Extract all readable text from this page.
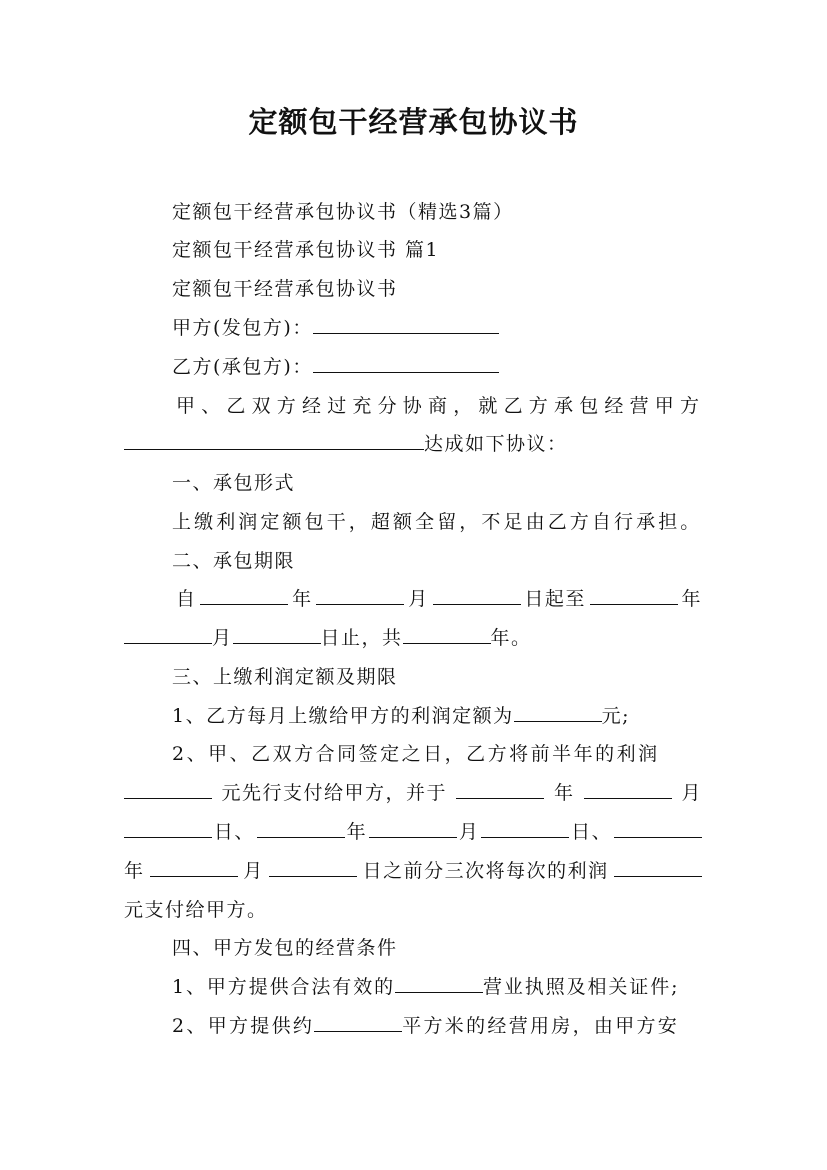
定额包干经营承包协议书
定额包干经营承包协议书（精选3篇）
定额包干经营承包协议书 篇1
定额包干经营承包协议书
甲方(发包方)：
乙方(承包方)：
甲、乙双方经过充分协商，就乙方承包经营甲方
达成如下协议：
一、承包形式
上缴利润定额包干，超额全留，不足由乙方自行承担。
二、承包期限
自	年	月	日起至	年
月	日止，共	年。
三、上缴利润定额及期限
1、乙方每月上缴给甲方的利润定额为	元;
2、甲、乙双方合同签定之日，乙方将前半年的利润
元先行支付给甲方，并于	年	月
日、	年	月	日、
年	月	日之前分三次将每次的利润
元支付给甲方。
四、甲方发包的经营条件
1、甲方提供合法有效的	营业执照及相关证件;
2、甲方提供约	平方米的经营用房，由甲方安
